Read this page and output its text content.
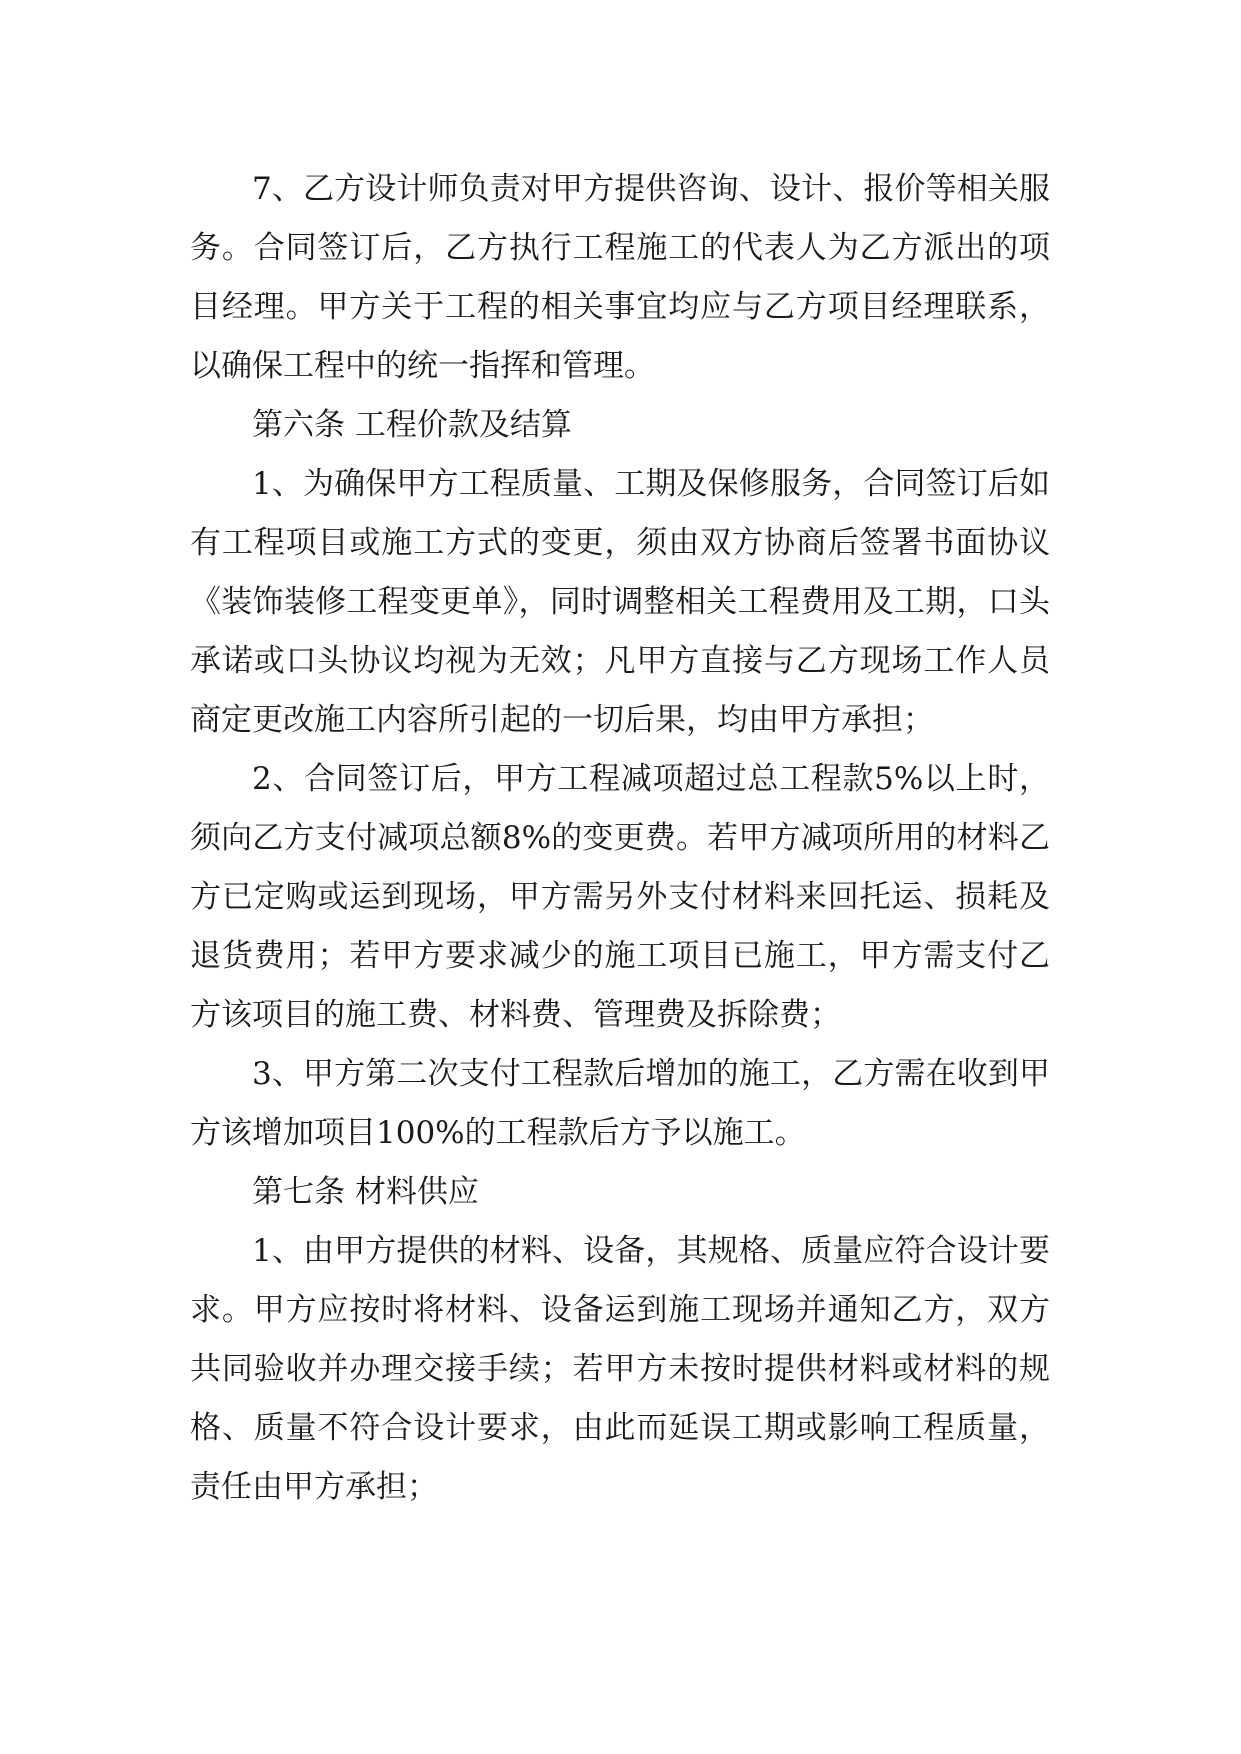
7、乙方设计师负责对甲方提供咨询、设计、报价等相关服务。合同签订后，乙方执行工程施工的代表人为乙方派出的项目经理。甲方关于工程的相关事宜均应与乙方项目经理联系，以确保工程中的统一指挥和管理。

第六条 工程价款及结算

1、为确保甲方工程质量、工期及保修服务，合同签订后如有工程项目或施工方式的变更，须由双方协商后签署书面协议《装饰装修工程变更单》，同时调整相关工程费用及工期，口头承诺或口头协议均视为无效；凡甲方直接与乙方现场工作人员商定更改施工内容所引起的一切后果，均由甲方承担；

2、合同签订后，甲方工程减项超过总工程款5%以上时，须向乙方支付减项总额8%的变更费。若甲方减项所用的材料乙方已定购或运到现场，甲方需另外支付材料来回托运、损耗及退货费用；若甲方要求减少的施工项目已施工，甲方需支付乙方该项目的施工费、材料费、管理费及拆除费；

3、甲方第二次支付工程款后增加的施工，乙方需在收到甲方该增加项目100%的工程款后方予以施工。

第七条 材料供应

1、由甲方提供的材料、设备，其规格、质量应符合设计要求。甲方应按时将材料、设备运到施工现场并通知乙方，双方共同验收并办理交接手续；若甲方未按时提供材料或材料的规格、质量不符合设计要求，由此而延误工期或影响工程质量，责任由甲方承担；
